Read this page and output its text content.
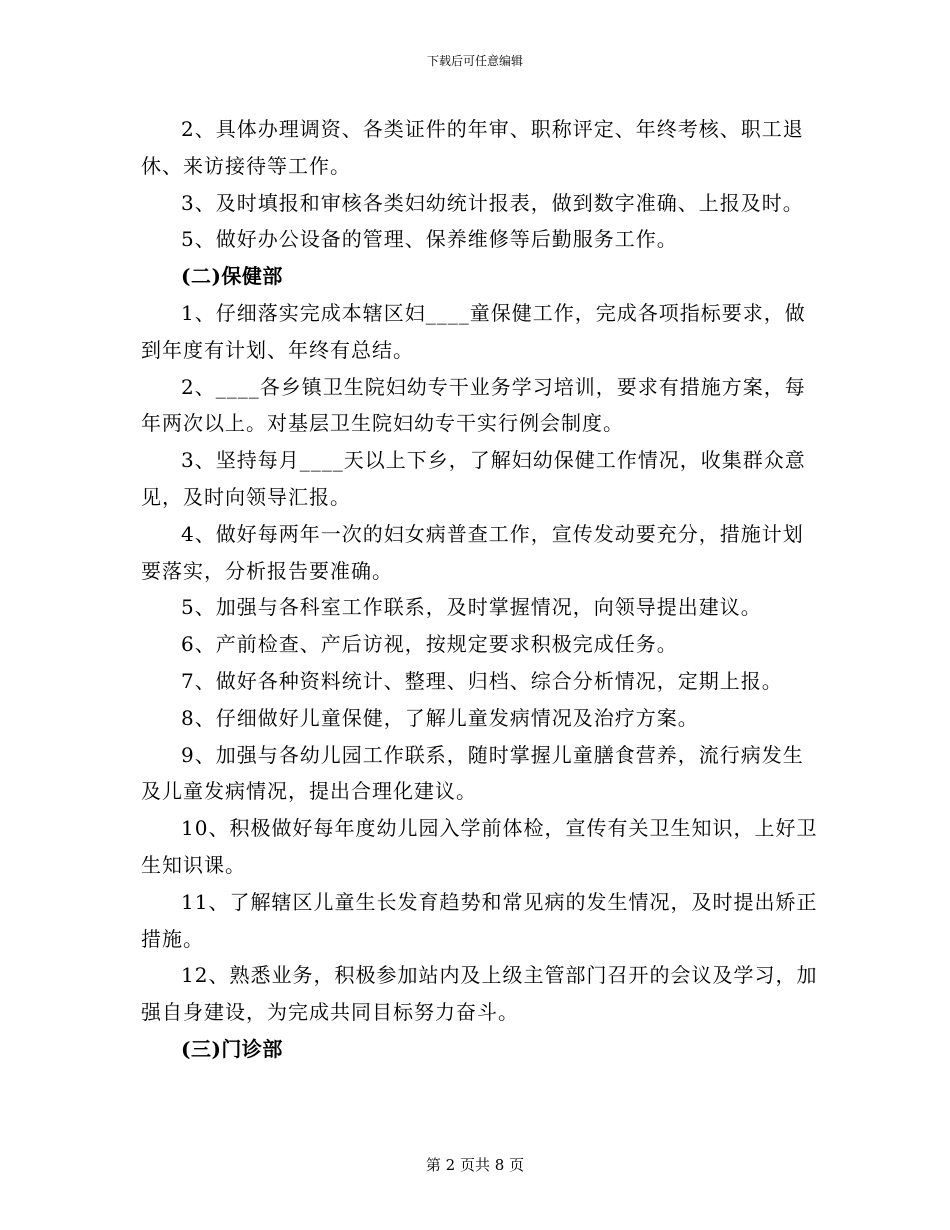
下载后可任意编辑

2、具体办理调资、各类证件的年审、职称评定、年终考核、职工退休、来访接待等工作。

3、及时填报和审核各类妇幼统计报表，做到数字准确、上报及时。

5、做好办公设备的管理、保养维修等后勤服务工作。

(二)保健部

1、仔细落实完成本辖区妇____童保健工作，完成各项指标要求，做到年度有计划、年终有总结。

2、____各乡镇卫生院妇幼专干业务学习培训，要求有措施方案，每年两次以上。对基层卫生院妇幼专干实行例会制度。

3、坚持每月____天以上下乡，了解妇幼保健工作情况，收集群众意见，及时向领导汇报。

4、做好每两年一次的妇女病普查工作，宣传发动要充分，措施计划要落实，分析报告要准确。

5、加强与各科室工作联系，及时掌握情况，向领导提出建议。

6、产前检查、产后访视，按规定要求积极完成任务。

7、做好各种资料统计、整理、归档、综合分析情况，定期上报。

8、仔细做好儿童保健，了解儿童发病情况及治疗方案。

9、加强与各幼儿园工作联系，随时掌握儿童膳食营养，流行病发生及儿童发病情况，提出合理化建议。

10、积极做好每年度幼儿园入学前体检，宣传有关卫生知识，上好卫生知识课。

11、了解辖区儿童生长发育趋势和常见病的发生情况，及时提出矫正措施。

12、熟悉业务，积极参加站内及上级主管部门召开的会议及学习，加强自身建设，为完成共同目标努力奋斗。

(三)门诊部

第 2 页共 8 页
